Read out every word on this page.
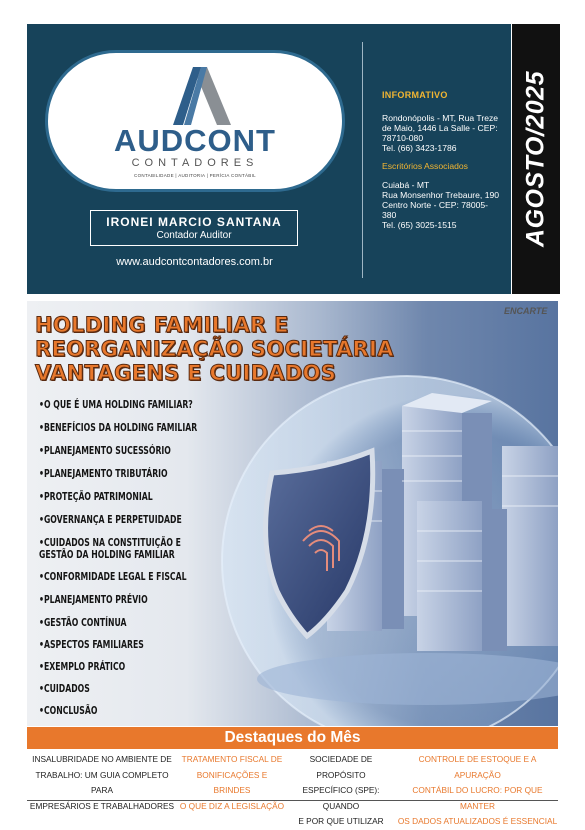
AUDCONT
CONTADORES
CONTABILIDADE | AUDITORIA | PERÍCIA CONTÁBIL
IRONEI MARCIO SANTANA
Contador Auditor
www.audcontcontadores.com.br
INFORMATIVO
Rondonópolis - MT, Rua Treze de Maio, 1446 La Salle - CEP: 78710-080
Tel. (66) 3423-1786
Escritórios Associados
Cuiabá - MT
Rua Monsenhor Trebaure, 190 Centro Norte - CEP: 78005-380
Tel. (65) 3025-1515	AGOSTO/2025
HOLDING FAMILIAR E
REORGANIZAÇÃO SOCIETÁRIA
VANTAGENS E CUIDADOS
•O QUE É UMA HOLDING FAMILIAR?
•BENEFÍCIOS DA HOLDING FAMILIAR
•PLANEJAMENTO SUCESSÓRIO
•PLANEJAMENTO TRIBUTÁRIO
•PROTEÇÃO PATRIMONIAL
•GOVERNANÇA E PERPETUIDADE
•CUIDADOS NA CONSTITUIÇÃO E
GESTÃO DA HOLDING FAMILIAR
•CONFORMIDADE LEGAL E FISCAL
•PLANEJAMENTO PRÉVIO
•GESTÃO CONTÍNUA
•ASPECTOS FAMILIARES
•EXEMPLO PRÁTICO
•CUIDADOS
•CONCLUSÃO
ENCARTE
Destaques do Mês
INSALUBRIDADE NO AMBIENTE DE
TRABALHO: UM GUIA COMPLETO PARA
EMPRESÁRIOS E TRABALHADORES
TRATAMENTO FISCAL DE
BONIFICAÇÕES E BRINDES
O QUE DIZ A LEGISLAÇÃO
SOCIEDADE DE PROPÓSITO
ESPECÍFICO (SPE): QUANDO
E POR QUE UTILIZAR
CONTROLE DE ESTOQUE E A APURAÇÃO
CONTÁBIL DO LUCRO: POR QUE MANTER
OS DADOS ATUALIZADOS É ESSENCIAL
